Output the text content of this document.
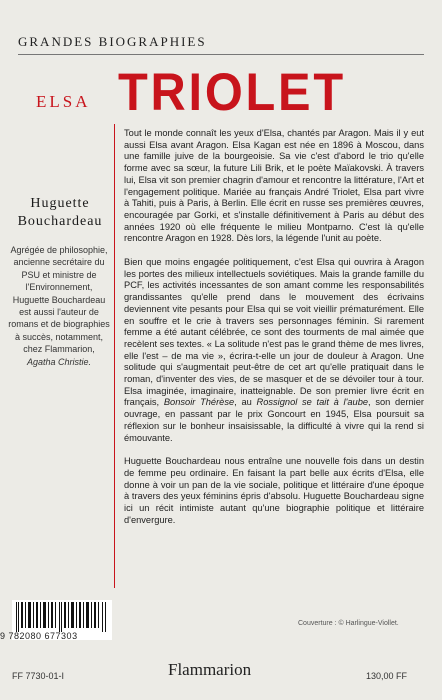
GRANDES BIOGRAPHIES
ELSA TRIOLET
Huguette
Bouchardeau
Agrégée de philosophie, ancienne secrétaire du PSU et ministre de l'Environnement, Huguette Bouchardeau est aussi l'auteur de romans et de biographies à succès, notamment, chez Flammarion, Agatha Christie.

Tout le monde connaît les yeux d'Elsa, chantés par Aragon. Mais il y eut aussi Elsa avant Aragon. Elsa Kagan est née en 1896 à Moscou, dans une famille juive de la bourgeoisie. Sa vie c'est d'abord le trio qu'elle forme avec sa sœur, la future Lili Brik, et le poète Maïakovski. À travers lui, Elsa vit son premier chagrin d'amour et rencontre la littérature, l'Art et l'engagement politique. Mariée au français André Triolet, Elsa part vivre à Tahiti, puis à Paris, à Berlin. Elle écrit en russe ses premières œuvres, encouragée par Gorki, et s'installe définitivement à Paris au début des années 1920 où elle fréquente le milieu Montparno. C'est là qu'elle rencontre Aragon en 1928. Dès lors, la légende l'unit au poète.

Bien que moins engagée politiquement, c'est Elsa qui ouvrira à Aragon les portes des milieux intellectuels soviétiques. Mais la grande famille du PCF, les activités incessantes de son amant comme les responsabilités grandissantes qu'elle prend dans le mouvement des écrivains deviennent vite pesants pour Elsa qui se voit vieillir prématurément. Elle en souffre et le crie à travers ses personnages féminin. Si rarement femme a été autant célébrée, ce sont des tourments de mal aimée que recèlent ses textes. « La solitude n'est pas le grand thème de mes livres, elle l'est – de ma vie », écrira-t-elle un jour de douleur à Aragon. Une solitude qui s'augmentait peut-être de cet art qu'elle pratiquait dans le roman, d'inventer des vies, de se masquer et de se dévoiler tour à tour. Elsa imaginée, imaginaire, inatteignable. De son premier livre écrit en français, Bonsoir Thérèse, au Rossignol se tait à l'aube, son dernier ouvrage, en passant par le prix Goncourt en 1945, Elsa poursuit sa réflexion sur le bonheur insaisissable, la difficulté à vivre qui la rend si émouvante.

Huguette Bouchardeau nous entraîne une nouvelle fois dans un destin de femme peu ordinaire. En faisant la part belle aux écrits d'Elsa, elle donne à voir un pan de la vie sociale, politique et littéraire d'une époque à travers des yeux féminins épris d'absolu. Huguette Bouchardeau signe ici un récit intimiste autant qu'une biographie politique et littéraire d'envergure.

9 782080 677303
Couverture : © Harlingue-Viollet.
FF 7730-01-I	Flammarion	130,00 FF
